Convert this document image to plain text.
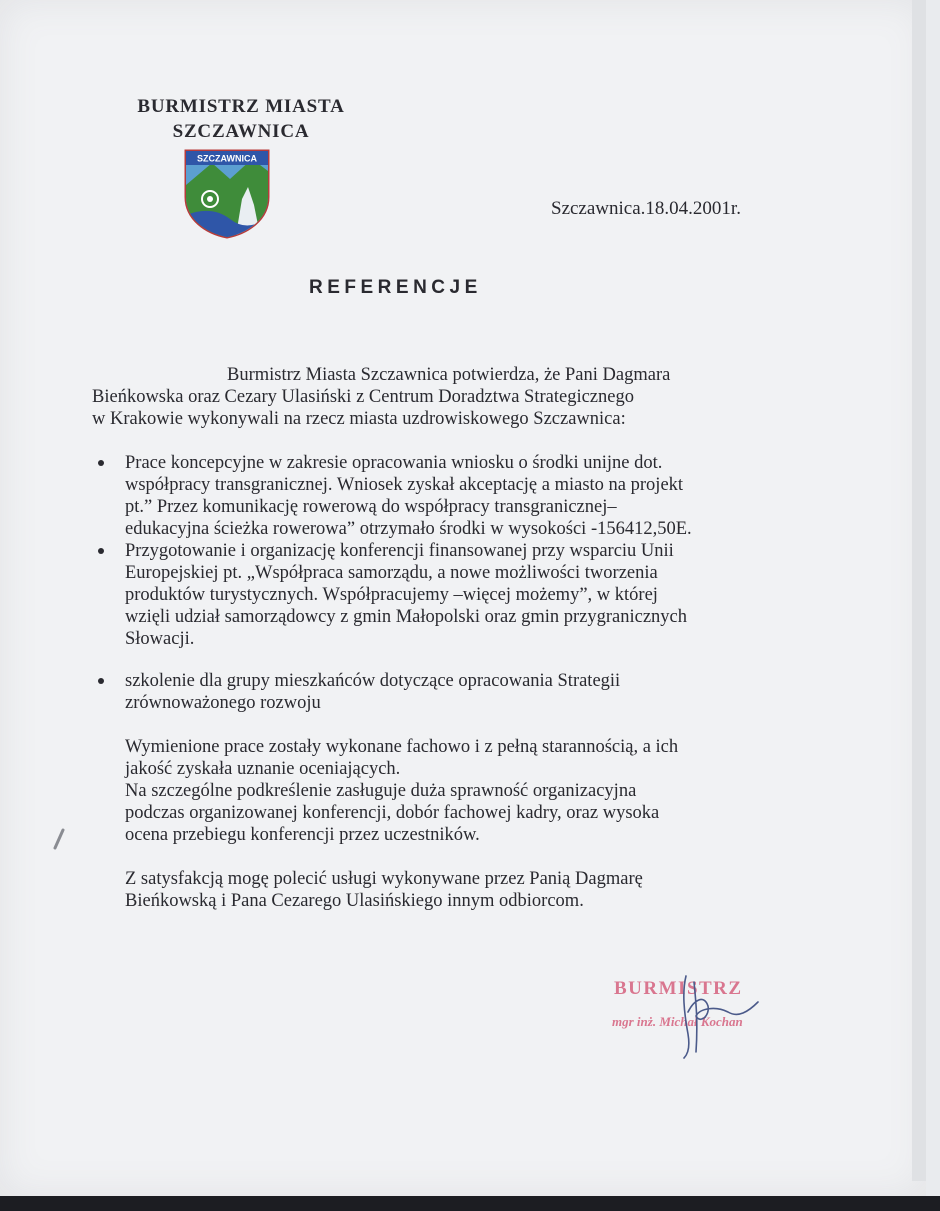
BURMISTRZ MIASTA
SZCZAWNICA
SZCZAWNICA
Szczawnica.18.04.2001r.
REFERENCJE
Burmistrz Miasta Szczawnica potwierdza, że Pani Dagmara
Bieńkowska oraz Cezary Ulasiński z Centrum Doradztwa Strategicznego
w Krakowie wykonywali na rzecz miasta uzdrowiskowego Szczawnica:
Prace koncepcyjne w zakresie opracowania wniosku o środki unijne dot.
współpracy transgranicznej. Wniosek zyskał akceptację a miasto na projekt
pt.” Przez komunikację rowerową do współpracy transgranicznej–
edukacyjna ścieżka rowerowa” otrzymało środki w wysokości -156412,50E.
Przygotowanie i organizację konferencji finansowanej przy wsparciu Unii
Europejskiej pt. „Współpraca samorządu, a nowe możliwości tworzenia
produktów turystycznych. Współpracujemy –więcej możemy”, w której
wzięli udział samorządowcy z gmin Małopolski oraz gmin przygranicznych
Słowacji.
szkolenie dla grupy mieszkańców dotyczące opracowania Strategii
zrównoważonego rozwoju
Wymienione prace zostały wykonane fachowo i z pełną starannością, a ich
jakość zyskała uznanie oceniających.
Na szczególne podkreślenie zasługuje duża sprawność organizacyjna
podczas organizowanej konferencji, dobór fachowej kadry, oraz wysoka
ocena przebiegu konferencji przez uczestników.
Z satysfakcją mogę polecić usługi wykonywane przez Panią Dagmarę
Bieńkowską i Pana Cezarego Ulasińskiego innym odbiorcom.
BURMISTRZ
mgr inż. Michał Kochan
